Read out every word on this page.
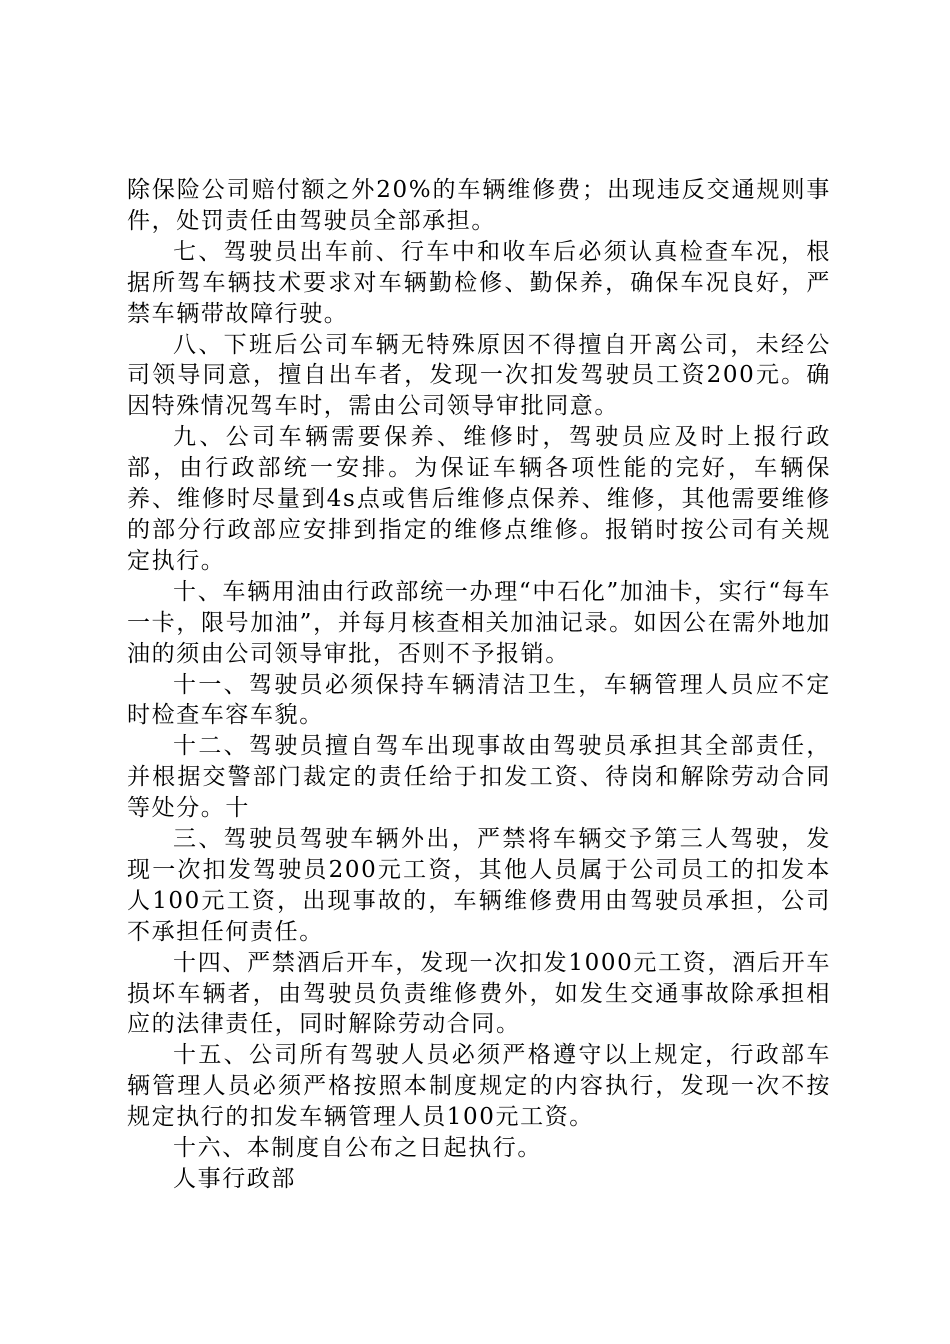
除保险公司赔付额之外20%的车辆维修费；出现违反交通规则事件，处罚责任由驾驶员全部承担。

七、驾驶员出车前、行车中和收车后必须认真检查车况，根据所驾车辆技术要求对车辆勤检修、勤保养，确保车况良好，严禁车辆带故障行驶。

八、下班后公司车辆无特殊原因不得擅自开离公司，未经公司领导同意，擅自出车者，发现一次扣发驾驶员工资200元。确因特殊情况驾车时，需由公司领导审批同意。

九、公司车辆需要保养、维修时，驾驶员应及时上报行政部，由行政部统一安排。为保证车辆各项性能的完好，车辆保养、维修时尽量到4s点或售后维修点保养、维修，其他需要维修的部分行政部应安排到指定的维修点维修。报销时按公司有关规定执行。

十、车辆用油由行政部统一办理“中石化”加油卡，实行“每车一卡，限号加油”，并每月核查相关加油记录。如因公在需外地加油的须由公司领导审批，否则不予报销。

十一、驾驶员必须保持车辆清洁卫生，车辆管理人员应不定时检查车容车貌。

十二、驾驶员擅自驾车出现事故由驾驶员承担其全部责任，并根据交警部门裁定的责任给于扣发工资、待岗和解除劳动合同等处分。十

三、驾驶员驾驶车辆外出，严禁将车辆交予第三人驾驶，发现一次扣发驾驶员200元工资，其他人员属于公司员工的扣发本人100元工资，出现事故的，车辆维修费用由驾驶员承担，公司不承担任何责任。

十四、严禁酒后开车，发现一次扣发1000元工资，酒后开车损坏车辆者，由驾驶员负责维修费外，如发生交通事故除承担相应的法律责任，同时解除劳动合同。

十五、公司所有驾驶人员必须严格遵守以上规定，行政部车辆管理人员必须严格按照本制度规定的内容执行，发现一次不按规定执行的扣发车辆管理人员100元工资。

十六、本制度自公布之日起执行。

人事行政部
